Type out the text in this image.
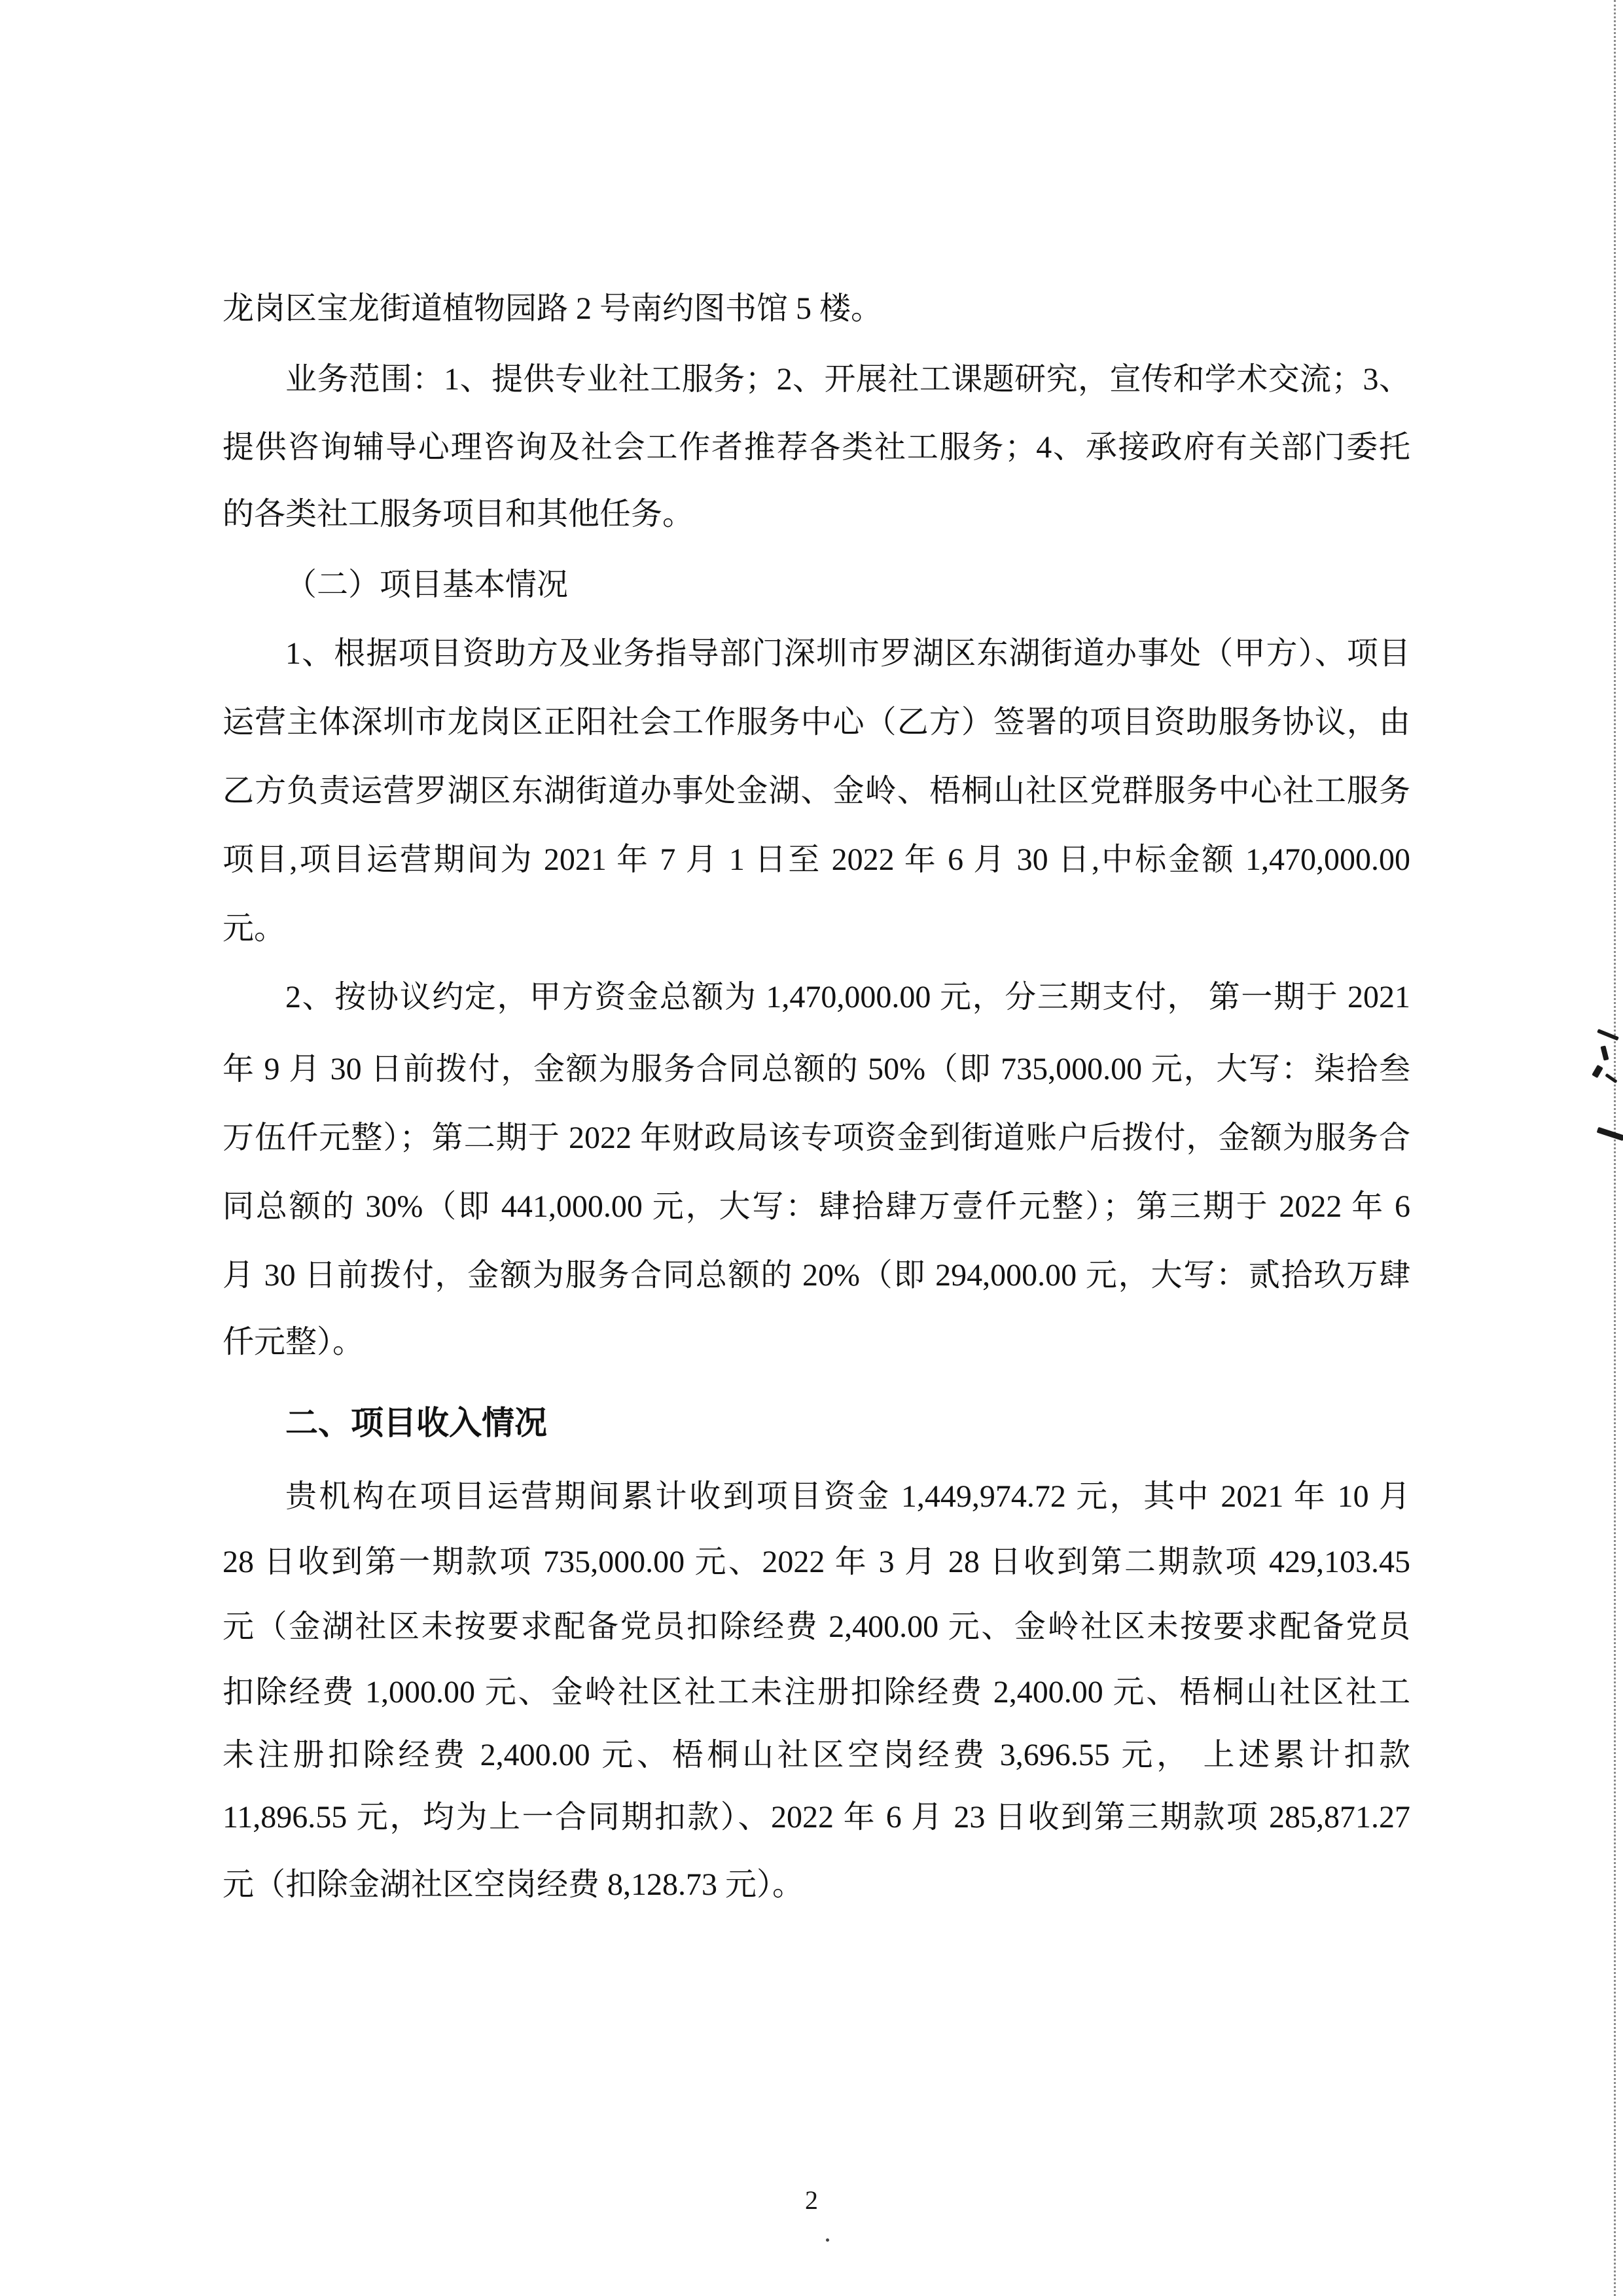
龙岗区宝龙街道植物园路 2 号南约图书馆 5 楼。
业务范围：1、提供专业社工服务；2、开展社工课题研究，宣传和学术交流；3、
提供咨询辅导心理咨询及社会工作者推荐各类社工服务；4、承接政府有关部门委托
的各类社工服务项目和其他任务。
（二）项目基本情况
1、根据项目资助方及业务指导部门深圳市罗湖区东湖街道办事处（甲方）、项目
运营主体深圳市龙岗区正阳社会工作服务中心（乙方）签署的项目资助服务协议，由
乙方负责运营罗湖区东湖街道办事处金湖、金岭、梧桐山社区党群服务中心社工服务
项目,项目运营期间为 2021 年 7 月 1 日至 2022 年 6 月 30 日,中标金额 1,470,000.00
元。
2、按协议约定，甲方资金总额为 1,470,000.00 元，分三期支付， 第一期于 2021
年 9 月 30 日前拨付，金额为服务合同总额的 50%（即 735,000.00 元，大写：柒拾叁
万伍仟元整）；第二期于 2022 年财政局该专项资金到街道账户后拨付，金额为服务合
同总额的 30%（即 441,000.00 元，大写：肆拾肆万壹仟元整）；第三期于 2022 年 6
月 30 日前拨付，金额为服务合同总额的 20%（即 294,000.00 元，大写：贰拾玖万肆
仟元整）。
二、项目收入情况
贵机构在项目运营期间累计收到项目资金 1,449,974.72 元，其中 2021 年 10 月
28 日收到第一期款项 735,000.00 元、2022 年 3 月 28 日收到第二期款项 429,103.45
元（金湖社区未按要求配备党员扣除经费 2,400.00 元、金岭社区未按要求配备党员
扣除经费 1,000.00 元、金岭社区社工未注册扣除经费 2,400.00 元、梧桐山社区社工
未注册扣除经费 2,400.00 元、梧桐山社区空岗经费 3,696.55 元， 上述累计扣款
11,896.55 元，均为上一合同期扣款）、2022 年 6 月 23 日收到第三期款项 285,871.27
元（扣除金湖社区空岗经费 8,128.73 元）。
2
